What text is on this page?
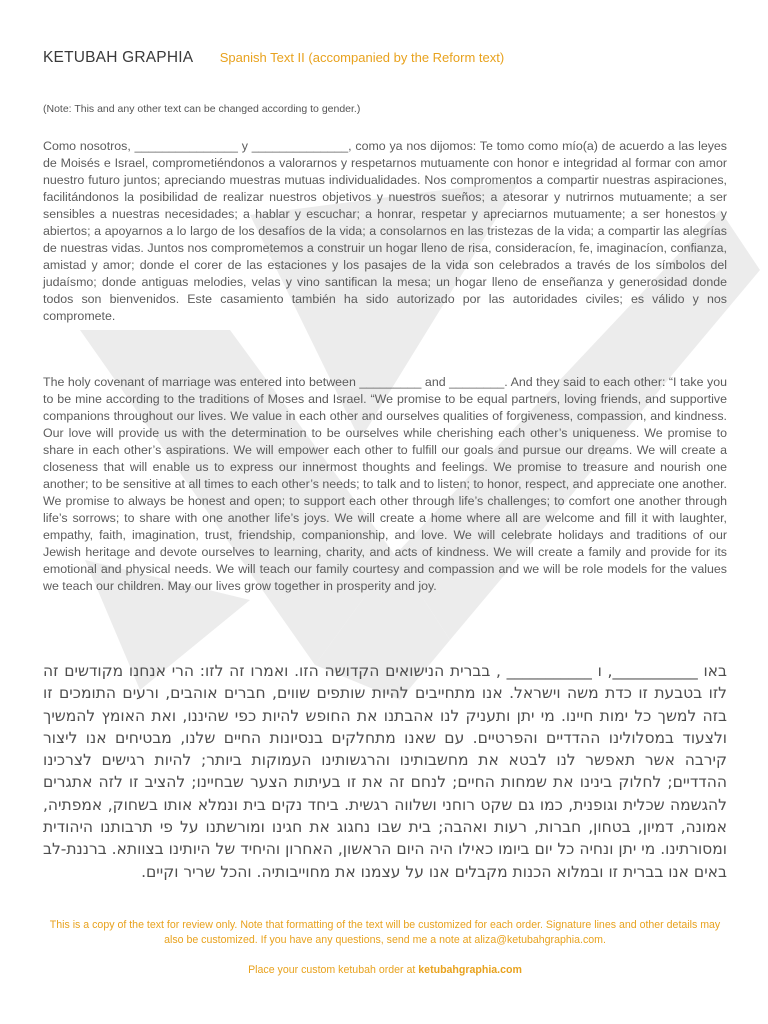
KETUBAH GRAPHIA Spanish Text II (accompanied by the Reform text)
(Note: This and any other text can be changed according to gender.)
Como nosotros, _______________ y ______________, como ya nos dijomos: Te tomo como mío(a) de acuerdo a las leyes de Moisés e Israel, comprometiéndonos a valorarnos y respetarnos mutuamente con honor e integridad al formar con amor nuestro futuro juntos; apreciando muestras mutuas individualidades. Nos compromentos a compartir nuestras aspiraciones, facilitándonos la posibilidad de realizar nuestros objetivos y nuestros sueños; a atesorar y nutrirnos mutuamente; a ser sensibles a nuestras necesidades; a hablar y escuchar; a honrar, respetar y apreciarnos mutuamente; a ser honestos y abiertos; a apoyarnos a lo largo de los desafíos de la vida; a consolarnos en las tristezas de la vida; a compartir las alegrías de nuestras vidas. Juntos nos comprometemos a construir un hogar lleno de risa, consideracíon, fe, imaginacíon, confianza, amistad y amor; donde el corer de las estaciones y los pasajes de la vida son celebrados a través de los símbolos del judaísmo; donde antiguas melodies, velas y vino santifican la mesa; un hogar lleno de enseñanza y generosidad donde todos son bienvenidos. Este casamiento también ha sido autorizado por las autoridades civiles; es válido y nos compromete.
The holy covenant of marriage was entered into between _________ and ________. And they said to each other: “I take you to be mine according to the traditions of Moses and Israel. “We promise to be equal partners, loving friends, and supportive companions throughout our lives. We value in each other and ourselves qualities of forgiveness, compassion, and kindness. Our love will provide us with the determination to be ourselves while cherishing each other’s uniqueness. We promise to share in each other’s aspirations. We will empower each other to fulfill our goals and pursue our dreams. We will create a closeness that will enable us to express our innermost thoughts and feelings. We promise to treasure and nourish one another; to be sensitive at all times to each other’s needs; to talk and to listen; to honor, respect, and appreciate one another. We promise to always be honest and open; to support each other through life’s challenges; to comfort one another through life’s sorrows; to share with one another life’s joys. We will create a home where all are welcome and fill it with laughter, empathy, faith, imagination, trust, friendship, companionship, and love. We will celebrate holidays and traditions of our Jewish heritage and devote ourselves to learning, charity, and acts of kindness. We will create a family and provide for its emotional and physical needs. We will teach our family courtesy and compassion and we will be role models for the values we teach our children. May our lives grow together in prosperity and joy.
באו ___________, ו ___________ , בברית הנישואים הקדושה הזו. ואמרו זה לזו: הרי אנחנו מקודשים זה לזו בטבעת זו כדת משה וישראל. אנו מתחייבים להיות שותפים שווים, חברים אוהבים, ורעים התומכים זו בזה למשך כל ימות חיינו. מי יתן ותעניק לנו אהבתנו את החופש להיות כפי שהיננו, ואת האומץ להמשיך ולצעוד במסלולינו ההדדיים והפרטיים. עם שאנו מתחלקים בנסיונות החיים שלנו, מבטיחים אנו ליצור קירבה אשר תאפשר לנו לבטא את מחשבותינו והרגשותינו העמוקות ביותר; להיות רגישים לצרכינו ההדדיים; לחלוק בינינו את שמחות החיים; לנחם זה את זו בעיתות הצער שבחיינו; להציב זו לזה אתגרים להגשמה שכלית וגופנית, כמו גם שקט רוחני ושלווה רגשית. ביחד נקים בית ונמלא אותו בשחוק, אמפתיה, אמונה, דמיון, בטחון, חברות, רעות ואהבה; בית שבו נחגוג את חגינו ומורשתנו על פי תרבותנו היהודית ומסורתינו. מי יתן ונחיה כל יום ביומו כאילו היה היום הראשון, האחרון והיחיד של היותינו בצוותא. ברננת-לב באים אנו בברית זו ובמלוא הכנות מקבלים אנו על עצמנו את מחוייבותיה. והכל שריר וקיים.
This is a copy of the text for review only. Note that formatting of the text will be customized for each order. Signature lines and other details may also be customized. If you have any questions, send me a note at aliza@ketubahgraphia.com.
Place your custom ketubah order at ketubahgraphia.com
